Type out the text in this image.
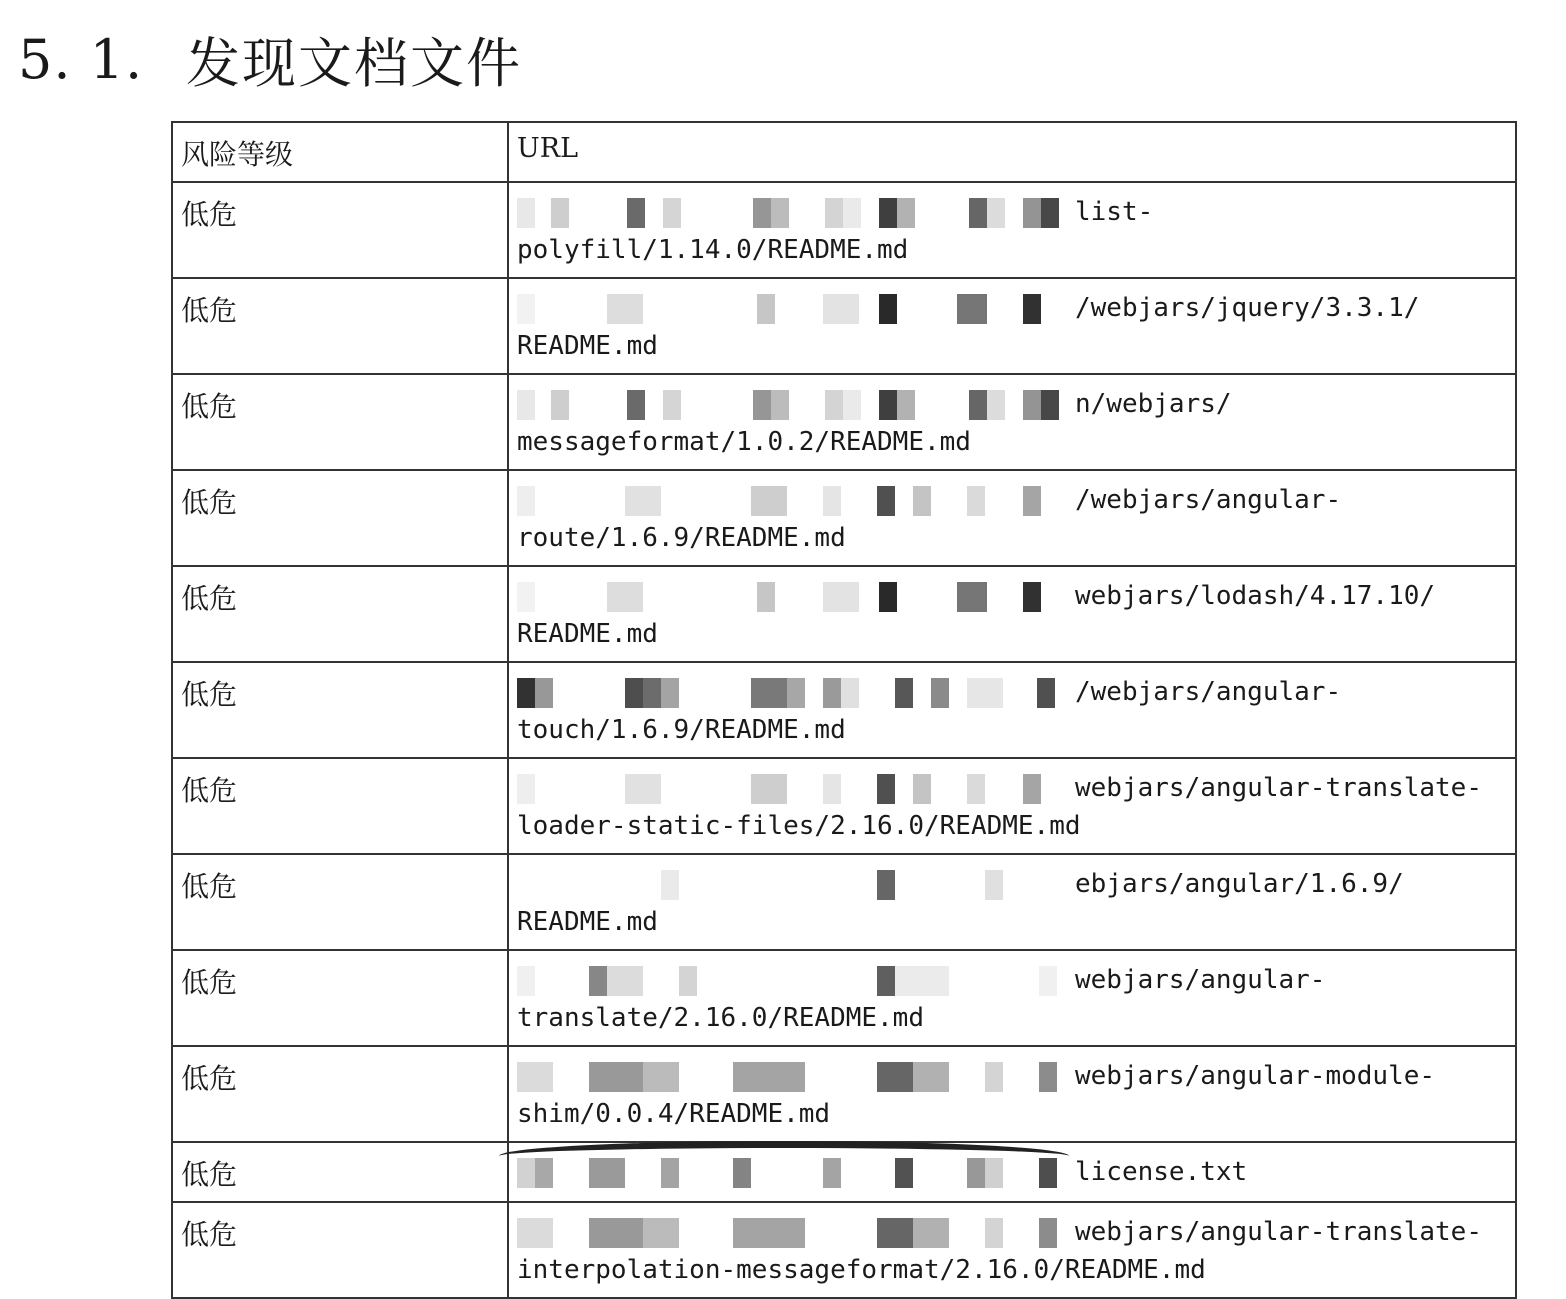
5. 1. 发现文档文件
风险等级	URL
低危	list-
polyfill/1.14.0/README.md

低危	/webjars/jquery/3.3.1/
README.md

低危	n/webjars/
messageformat/1.0.2/README.md

低危	/webjars/angular-
route/1.6.9/README.md

低危	webjars/lodash/4.17.10/
README.md

低危	/webjars/angular-
touch/1.6.9/README.md

低危	webjars/angular-translate-
loader-static-files/2.16.0/README.md

低危	ebjars/angular/1.6.9/
README.md

低危	webjars/angular-
translate/2.16.0/README.md

低危	webjars/angular-module-
shim/0.0.4/README.md

低危	license.txt

低危	webjars/angular-translate-
interpolation-messageformat/2.16.0/README.md
